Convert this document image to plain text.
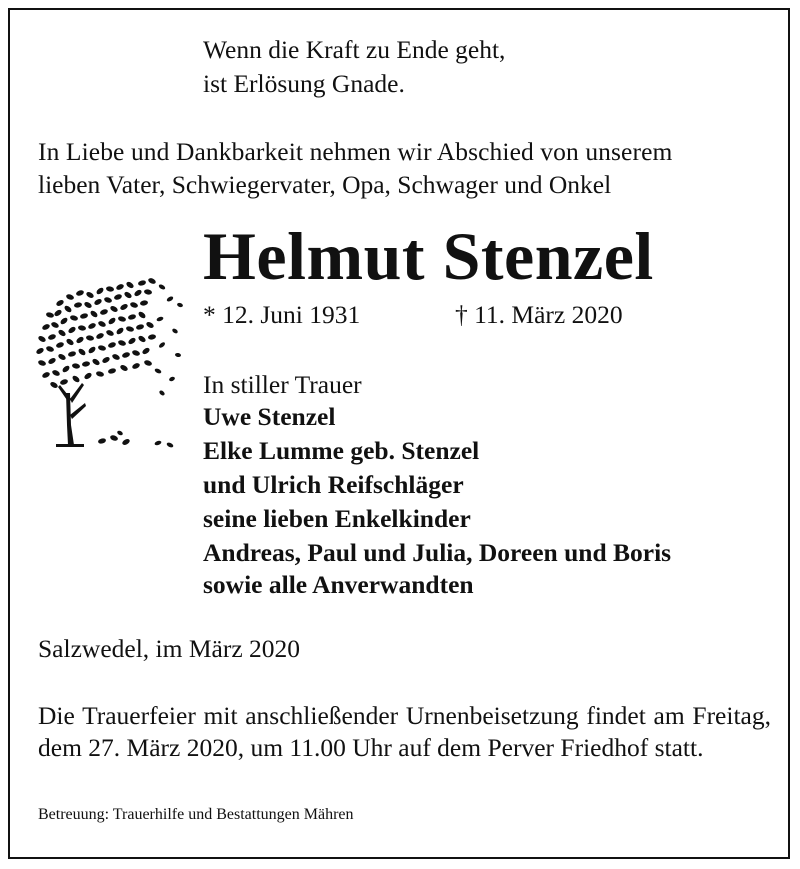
Wenn die Kraft zu Ende geht,
ist Erlösung Gnade.
In Liebe und Dankbarkeit nehmen wir Abschied von unserem
lieben Vater, Schwiegervater, Opa, Schwager und Onkel
Helmut Stenzel
* 12. Juni 1931	† 11. März 2020
In stiller Trauer
Uwe Stenzel
Elke Lumme geb. Stenzel
und Ulrich Reifschläger
seine lieben Enkelkinder
Andreas, Paul und Julia, Doreen und Boris
sowie alle Anverwandten
Salzwedel, im März 2020
Die Trauerfeier mit anschließender Urnenbeisetzung findet am Freitag, dem 27. März 2020, um 11.00 Uhr auf dem Perver Friedhof statt.
Betreuung: Trauerhilfe und Bestattungen Mähren
